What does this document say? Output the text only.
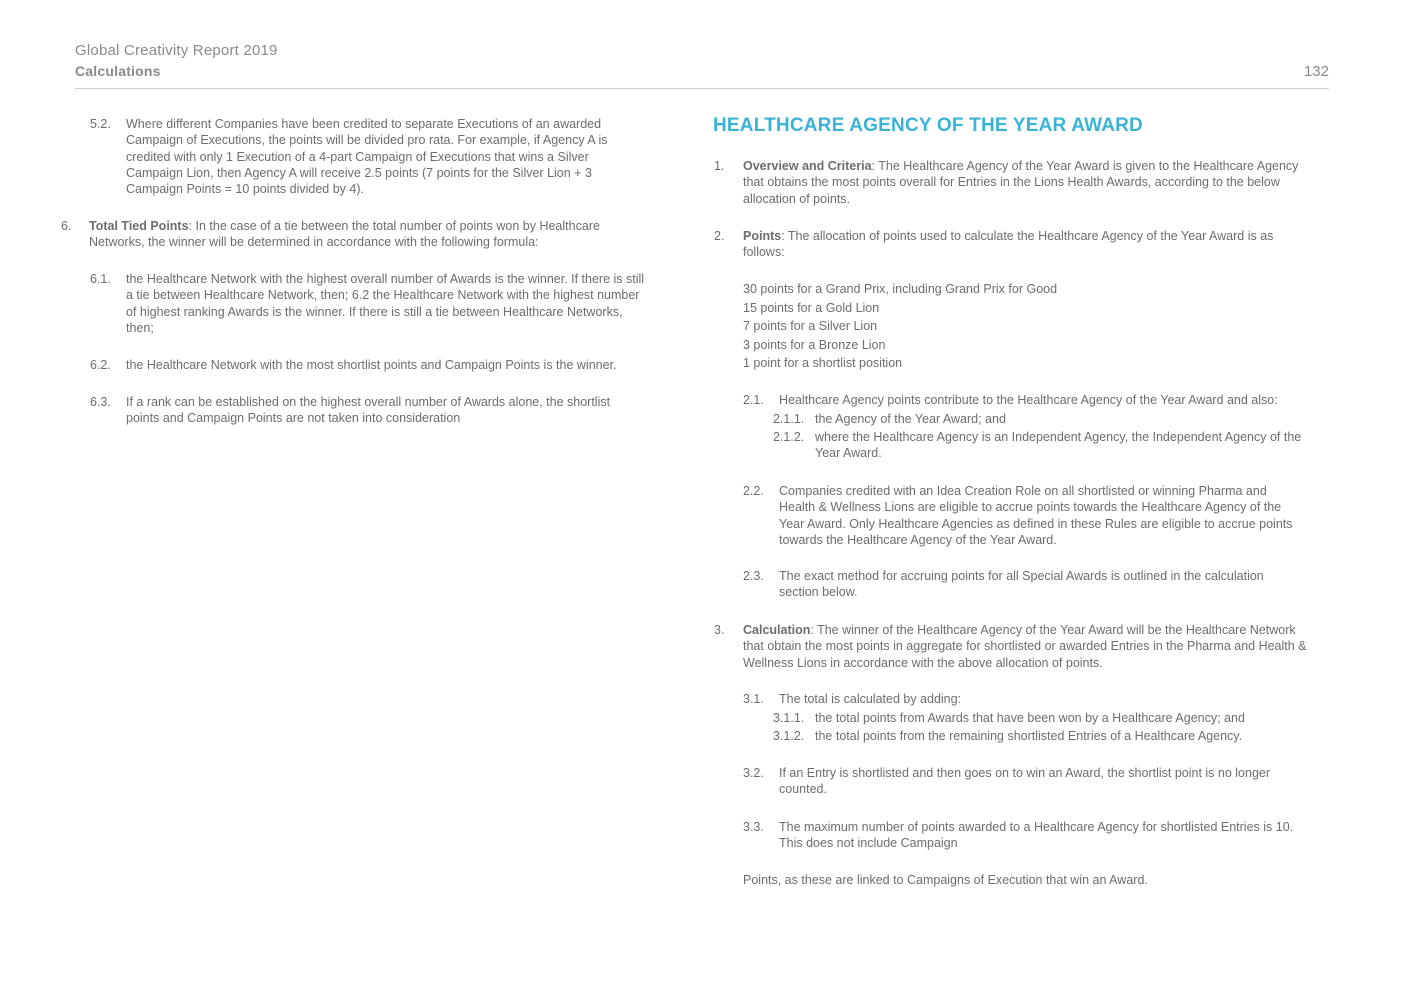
Global Creativity Report 2019
Calculations	132
5.2. Where different Companies have been credited to separate Executions of an awarded Campaign of Executions, the points will be divided pro rata. For example, if Agency A is credited with only 1 Execution of a 4-part Campaign of Executions that wins a Silver Campaign Lion, then Agency A will receive 2.5 points (7 points for the Silver Lion + 3 Campaign Points = 10 points divided by 4).
6. Total Tied Points: In the case of a tie between the total number of points won by Healthcare Networks, the winner will be determined in accordance with the following formula:
6.1. the Healthcare Network with the highest overall number of Awards is the winner. If there is still a tie between Healthcare Network, then; 6.2 the Healthcare Network with the highest number of highest ranking Awards is the winner. If there is still a tie between Healthcare Networks, then;
6.2. the Healthcare Network with the most shortlist points and Campaign Points is the winner.
6.3. If a rank can be established on the highest overall number of Awards alone, the shortlist points and Campaign Points are not taken into consideration
HEALTHCARE AGENCY OF THE YEAR AWARD
1. Overview and Criteria: The Healthcare Agency of the Year Award is given to the Healthcare Agency that obtains the most points overall for Entries in the Lions Health Awards, according to the below allocation of points.
2. Points: The allocation of points used to calculate the Healthcare Agency of the Year Award is as follows:
30 points for a Grand Prix, including Grand Prix for Good
15 points for a Gold Lion
7 points for a Silver Lion
3 points for a Bronze Lion
1 point for a shortlist position
2.1. Healthcare Agency points contribute to the Healthcare Agency of the Year Award and also:
2.1.1. the Agency of the Year Award; and
2.1.2. where the Healthcare Agency is an Independent Agency, the Independent Agency of the Year Award.
2.2. Companies credited with an Idea Creation Role on all shortlisted or winning Pharma and Health & Wellness Lions are eligible to accrue points towards the Healthcare Agency of the Year Award. Only Healthcare Agencies as defined in these Rules are eligible to accrue points towards the Healthcare Agency of the Year Award.
2.3. The exact method for accruing points for all Special Awards is outlined in the calculation section below.
3. Calculation: The winner of the Healthcare Agency of the Year Award will be the Healthcare Network that obtain the most points in aggregate for shortlisted or awarded Entries in the Pharma and Health & Wellness Lions in accordance with the above allocation of points.
3.1. The total is calculated by adding:
3.1.1. the total points from Awards that have been won by a Healthcare Agency; and
3.1.2. the total points from the remaining shortlisted Entries of a Healthcare Agency.
3.2. If an Entry is shortlisted and then goes on to win an Award, the shortlist point is no longer counted.
3.3. The maximum number of points awarded to a Healthcare Agency for shortlisted Entries is 10. This does not include Campaign
Points, as these are linked to Campaigns of Execution that win an Award.
